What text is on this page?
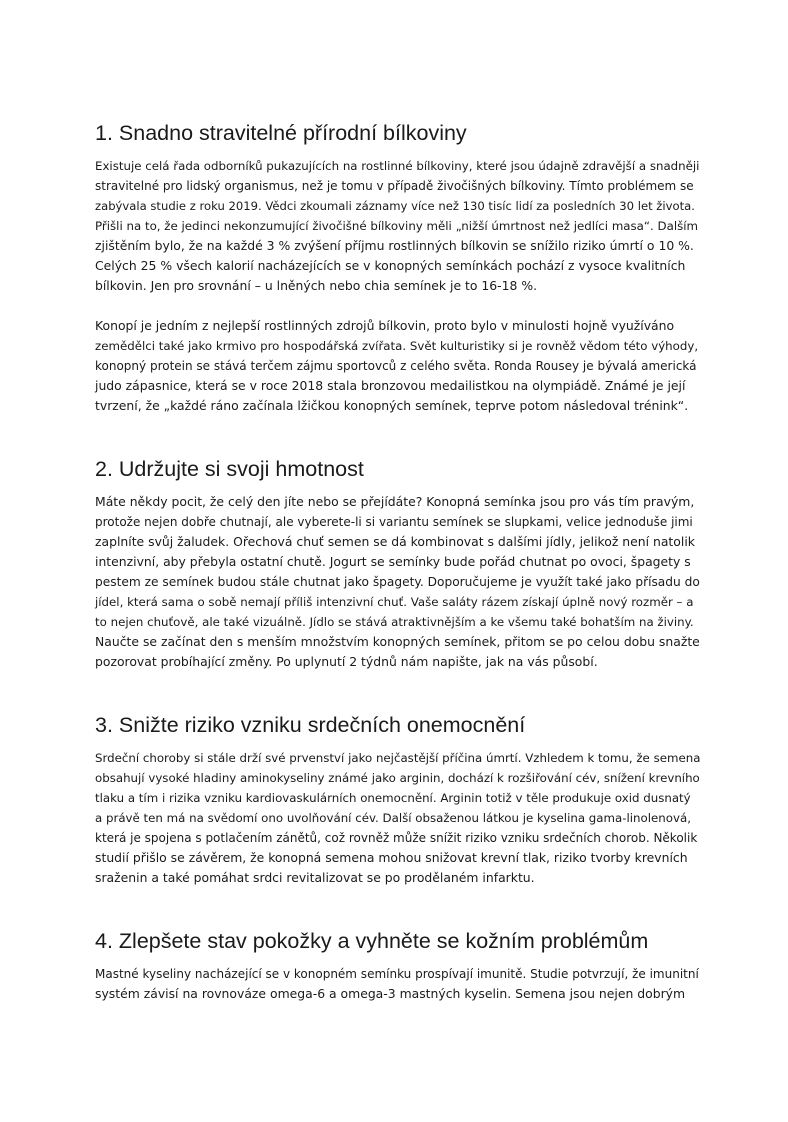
1. Snadno stravitelné přírodní bílkoviny

Existuje celá řada odborníků pukazujících na rostlinné bílkoviny, které jsou údajně zdravější a snadněji
stravitelné pro lidský organismus, než je tomu v případě živočišných bílkoviny. Tímto problémem se
zabývala studie z roku 2019. Vědci zkoumali záznamy více než 130 tisíc lidí za posledních 30 let života.
Přišli na to, že jedinci nekonzumující živočišné bílkoviny měli „nižší úmrtnost než jedlíci masa“. Dalším
zjištěním bylo, že na každé 3 % zvýšení příjmu rostlinných bílkovin se snížilo riziko úmrtí o 10 %.
Celých 25 % všech kalorií nacházejících se v konopných semínkách pochází z vysoce kvalitních
bílkovin. Jen pro srovnání – u lněných nebo chia semínek je to 16-18 %.

Konopí je jedním z nejlepší rostlinných zdrojů bílkovin, proto bylo v minulosti hojně využíváno
zemědělci také jako krmivo pro hospodářská zvířata. Svět kulturistiky si je rovněž vědom této výhody,
konopný protein se stává terčem zájmu sportovců z celého světa. Ronda Rousey je bývalá americká
judo zápasnice, která se v roce 2018 stala bronzovou medailistkou na olympiádě. Známé je její
tvrzení, že „každé ráno začínala lžičkou konopných semínek, teprve potom následoval trénink“.

2. Udržujte si svoji hmotnost

Máte někdy pocit, že celý den jíte nebo se přejídáte? Konopná semínka jsou pro vás tím pravým,
protože nejen dobře chutnají, ale vyberete-li si variantu semínek se slupkami, velice jednoduše jimi
zaplníte svůj žaludek. Ořechová chuť semen se dá kombinovat s dalšími jídly, jelikož není natolik
intenzivní, aby přebyla ostatní chutě. Jogurt se semínky bude pořád chutnat po ovoci, špagety s
pestem ze semínek budou stále chutnat jako špagety. Doporučujeme je využít také jako přísadu do
jídel, která sama o sobě nemají příliš intenzivní chuť. Vaše saláty rázem získají úplně nový rozměr – a
to nejen chuťově, ale také vizuálně. Jídlo se stává atraktivnějším a ke všemu také bohatším na živiny.
Naučte se začínat den s menším množstvím konopných semínek, přitom se po celou dobu snažte
pozorovat probíhající změny. Po uplynutí 2 týdnů nám napište, jak na vás působí.

3. Snižte riziko vzniku srdečních onemocnění

Srdeční choroby si stále drží své prvenství jako nejčastější příčina úmrtí. Vzhledem k tomu, že semena
obsahují vysoké hladiny aminokyseliny známé jako arginin, dochází k rozšiřování cév, snížení krevního
tlaku a tím i rizika vzniku kardiovaskulárních onemocnění. Arginin totiž v těle produkuje oxid dusnatý
a právě ten má na svědomí ono uvolňování cév. Další obsaženou látkou je kyselina gama-linolenová,
která je spojena s potlačením zánětů, což rovněž může snížit riziko vzniku srdečních chorob. Několik
studií přišlo se závěrem, že konopná semena mohou snižovat krevní tlak, riziko tvorby krevních
sraženin a také pomáhat srdci revitalizovat se po prodělaném infarktu.

4. Zlepšete stav pokožky a vyhněte se kožním problémům

Mastné kyseliny nacházející se v konopném semínku prospívají imunitě. Studie potvrzují, že imunitní
systém závisí na rovnováze omega-6 a omega-3 mastných kyselin. Semena jsou nejen dobrým
